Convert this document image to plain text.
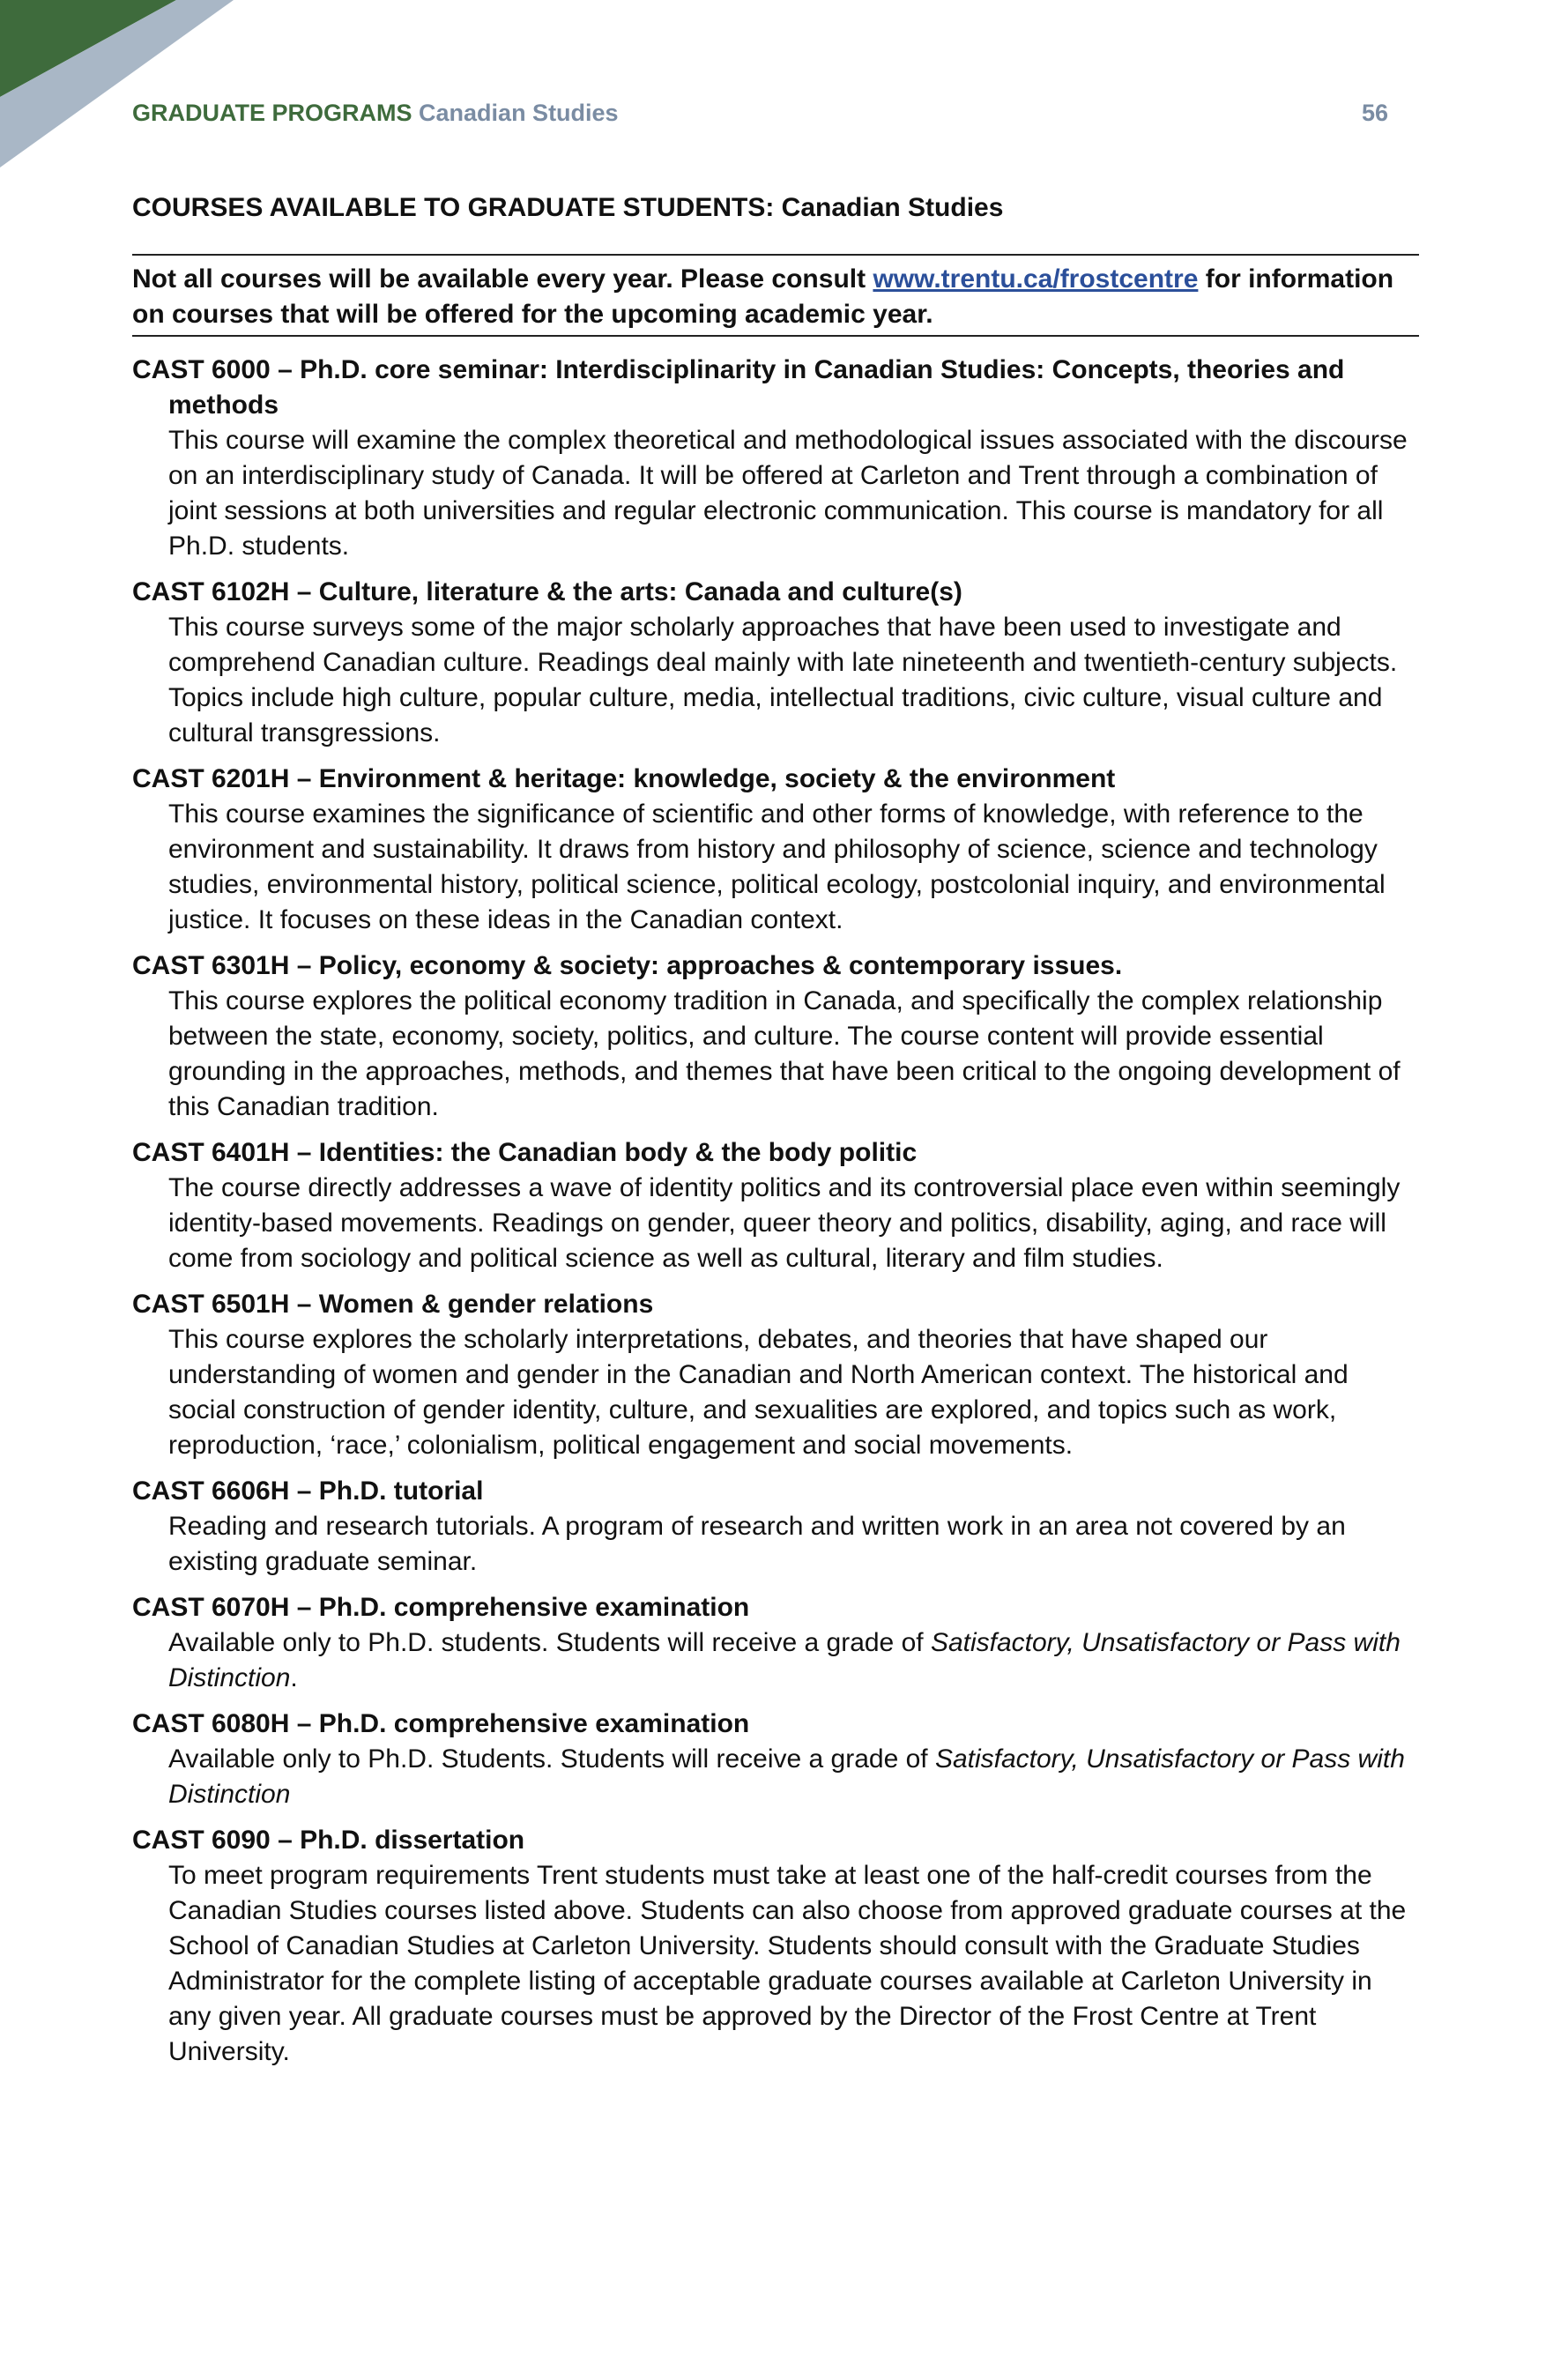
GRADUATE PROGRAMS Canadian Studies	56
COURSES AVAILABLE TO GRADUATE STUDENTS: Canadian Studies
Not all courses will be available every year. Please consult www.trentu.ca/frostcentre for information on courses that will be offered for the upcoming academic year.
CAST 6000 – Ph.D. core seminar: Interdisciplinarity in Canadian Studies: Concepts, theories and methods
This course will examine the complex theoretical and methodological issues associated with the discourse on an interdisciplinary study of Canada. It will be offered at Carleton and Trent through a combination of joint sessions at both universities and regular electronic communication. This course is mandatory for all Ph.D. students.
CAST 6102H – Culture, literature & the arts: Canada and culture(s)
This course surveys some of the major scholarly approaches that have been used to investigate and comprehend Canadian culture. Readings deal mainly with late nineteenth and twentieth-century subjects. Topics include high culture, popular culture, media, intellectual traditions, civic culture, visual culture and cultural transgressions.
CAST 6201H – Environment & heritage: knowledge, society & the environment
This course examines the significance of scientific and other forms of knowledge, with reference to the environment and sustainability. It draws from history and philosophy of science, science and technology studies, environmental history, political science, political ecology, postcolonial inquiry, and environmental justice. It focuses on these ideas in the Canadian context.
CAST 6301H – Policy, economy & society: approaches & contemporary issues.
This course explores the political economy tradition in Canada, and specifically the complex relationship between the state, economy, society, politics, and culture. The course content will provide essential grounding in the approaches, methods, and themes that have been critical to the ongoing development of this Canadian tradition.
CAST 6401H – Identities: the Canadian body & the body politic
The course directly addresses a wave of identity politics and its controversial place even within seemingly identity-based movements. Readings on gender, queer theory and politics, disability, aging, and race will come from sociology and political science as well as cultural, literary and film studies.
CAST 6501H – Women & gender relations
This course explores the scholarly interpretations, debates, and theories that have shaped our understanding of women and gender in the Canadian and North American context. The historical and social construction of gender identity, culture, and sexualities are explored, and topics such as work, reproduction, ‘race,’ colonialism, political engagement and social movements.
CAST 6606H – Ph.D. tutorial
Reading and research tutorials. A program of research and written work in an area not covered by an existing graduate seminar.
CAST 6070H – Ph.D. comprehensive examination
Available only to Ph.D. students. Students will receive a grade of Satisfactory, Unsatisfactory or Pass with Distinction.
CAST 6080H – Ph.D. comprehensive examination
Available only to Ph.D. Students. Students will receive a grade of Satisfactory, Unsatisfactory or Pass with Distinction
CAST 6090 – Ph.D. dissertation
To meet program requirements Trent students must take at least one of the half-credit courses from the Canadian Studies courses listed above. Students can also choose from approved graduate courses at the School of Canadian Studies at Carleton University. Students should consult with the Graduate Studies Administrator for the complete listing of acceptable graduate courses available at Carleton University in any given year. All graduate courses must be approved by the Director of the Frost Centre at Trent University.
